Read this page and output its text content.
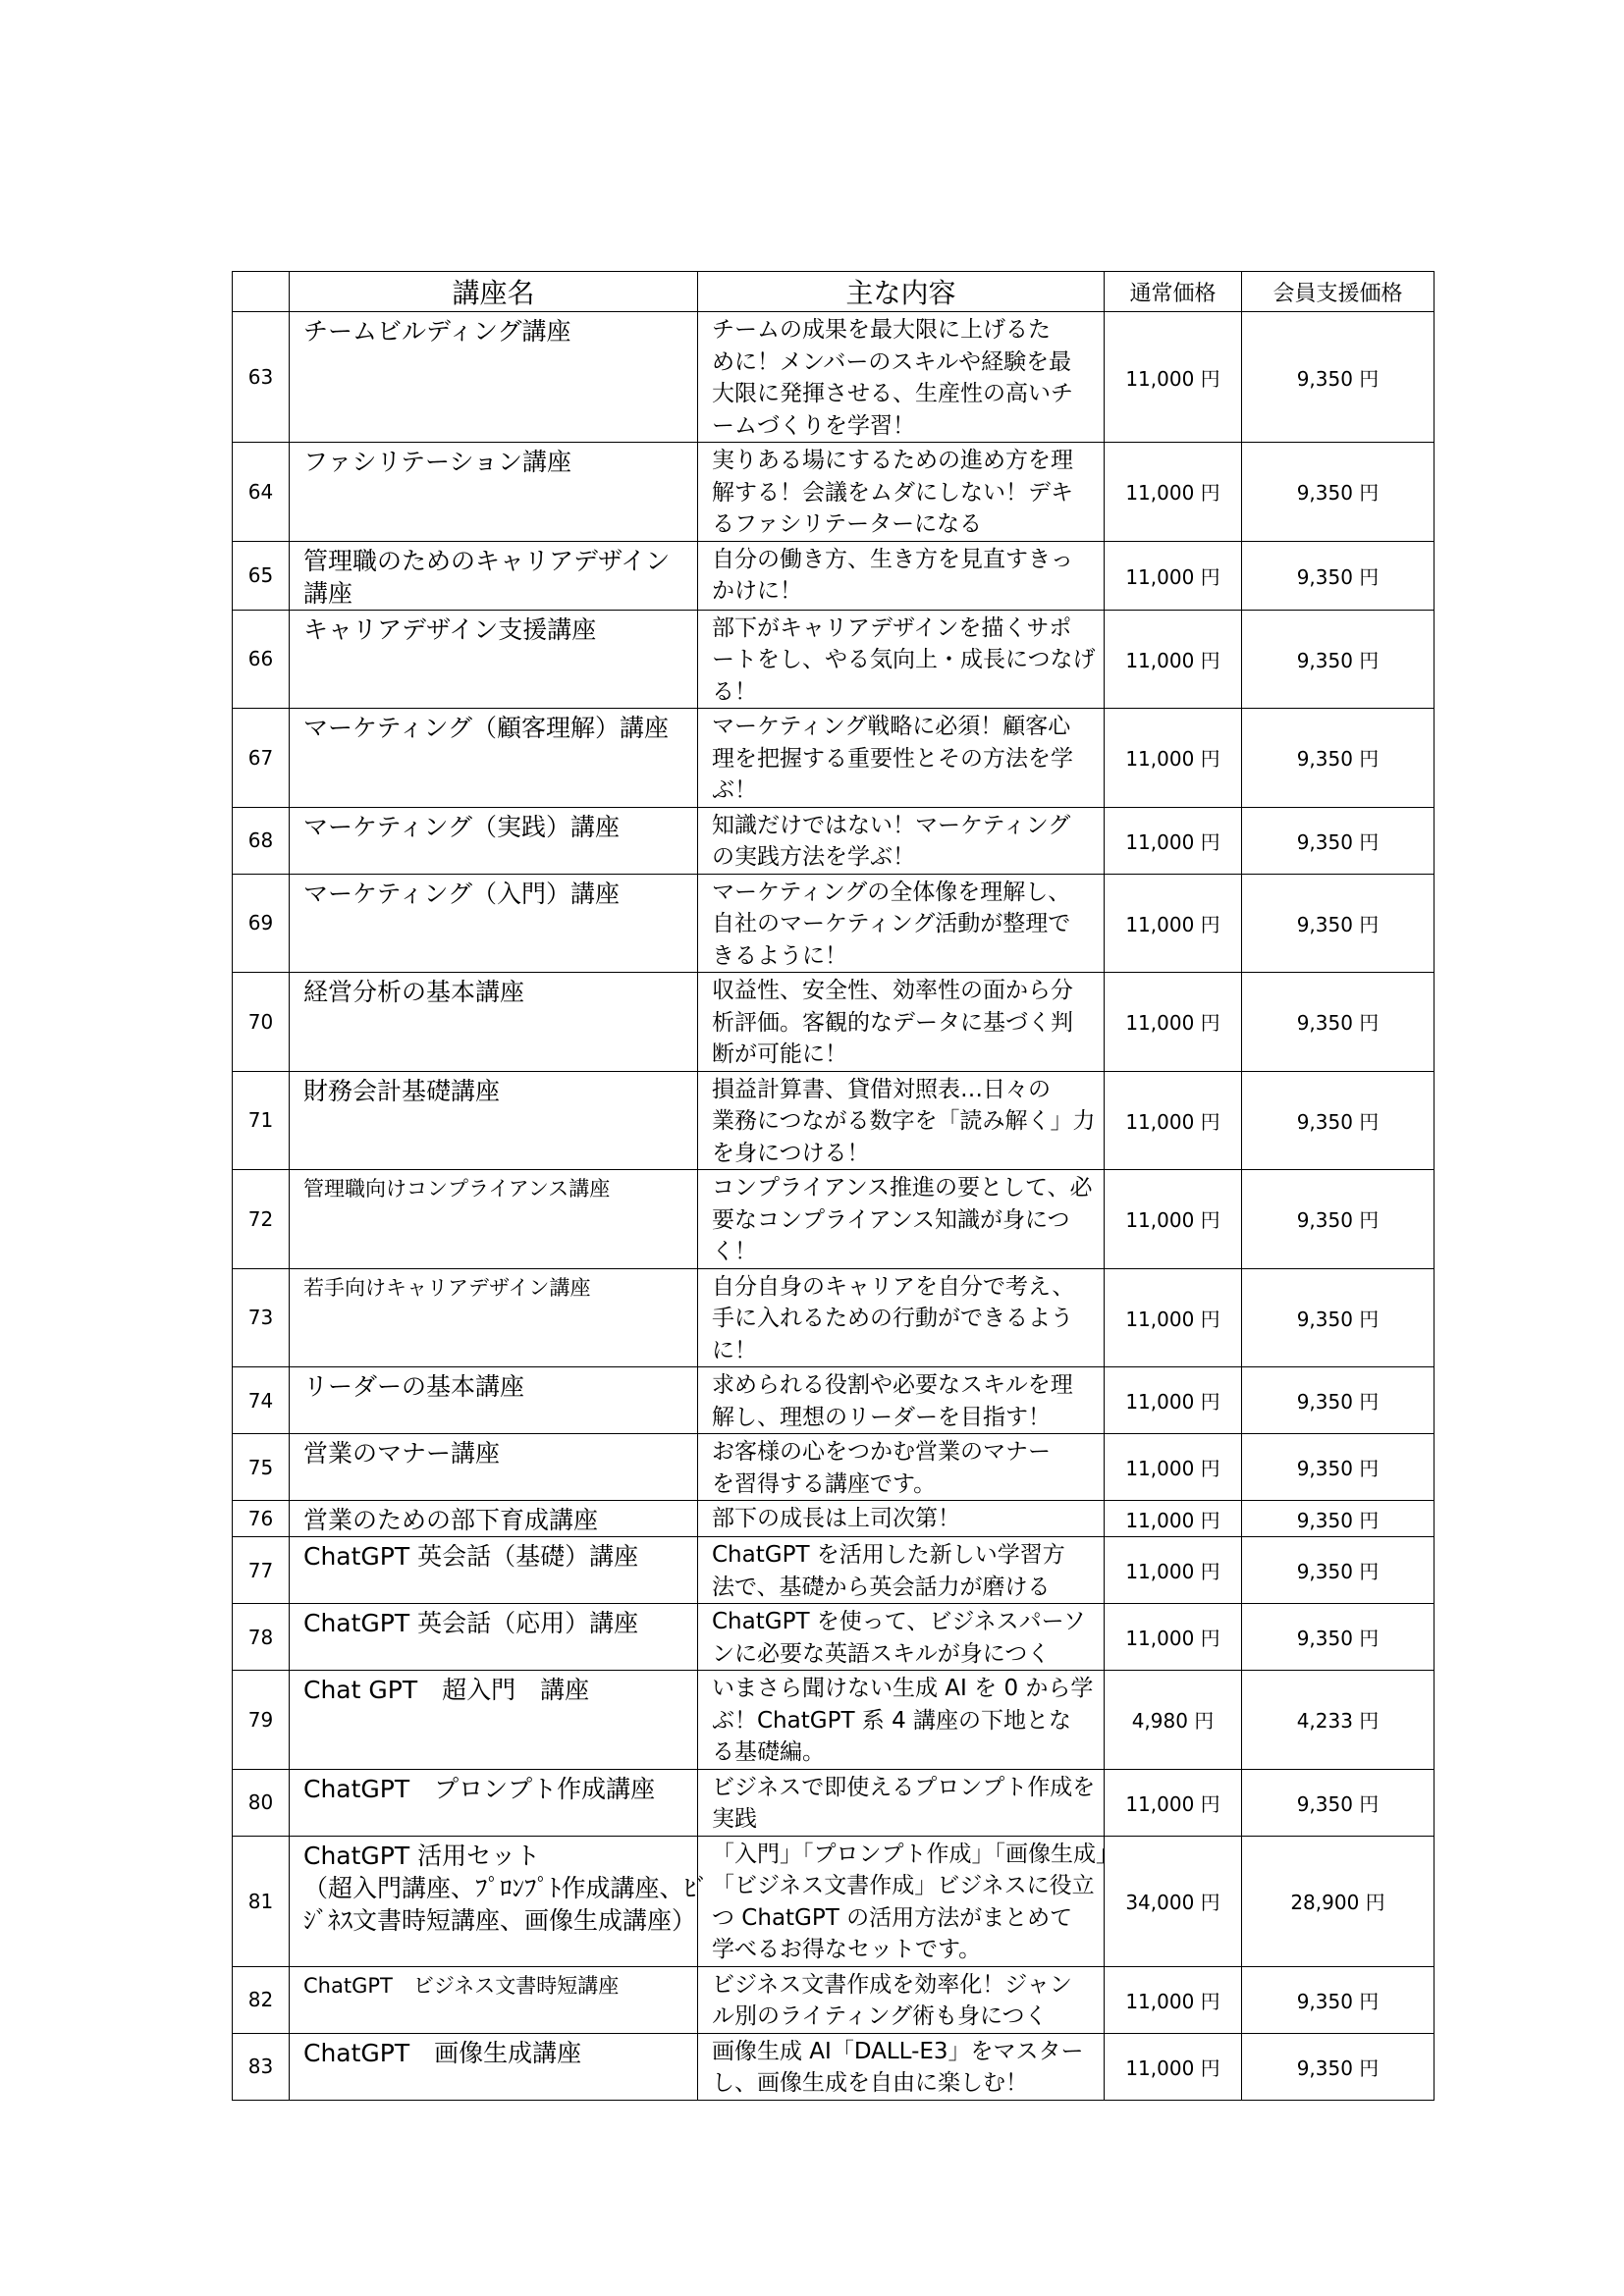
	講座名	主な内容	通常価格	会員支援価格
63	チームビルディング講座	チームの成果を最大限に上げるた
めに！メンバーのスキルや経験を最
大限に発揮させる、生産性の高いチ
ームづくりを学習！	11,000 円	9,350 円
64	ファシリテーション講座	実りある場にするための進め方を理
解する！会議をムダにしない！デキ
るファシリテーターになる	11,000 円	9,350 円
65	管理職のためのキャリアデザイン
講座	自分の働き方、生き方を見直すきっ
かけに！	11,000 円	9,350 円
66	キャリアデザイン支援講座	部下がキャリアデザインを描くサポ
ートをし、やる気向上・成長につなげ
る！	11,000 円	9,350 円
67	マーケティング（顧客理解）講座	マーケティング戦略に必須！顧客心
理を把握する重要性とその方法を学
ぶ！	11,000 円	9,350 円
68	マーケティング（実践）講座	知識だけではない！マーケティング
の実践方法を学ぶ！	11,000 円	9,350 円
69	マーケティング（入門）講座	マーケティングの全体像を理解し、
自社のマーケティング活動が整理で
きるように！	11,000 円	9,350 円
70	経営分析の基本講座	収益性、安全性、効率性の面から分
析評価。客観的なデータに基づく判
断が可能に！	11,000 円	9,350 円
71	財務会計基礎講座	損益計算書、貸借対照表…日々の
業務につながる数字を「読み解く」力
を身につける！	11,000 円	9,350 円
72	管理職向けコンプライアンス講座	コンプライアンス推進の要として、必
要なコンプライアンス知識が身につ
く！	11,000 円	9,350 円
73	若手向けキャリアデザイン講座	自分自身のキャリアを自分で考え、
手に入れるための行動ができるよう
に！	11,000 円	9,350 円
74	リーダーの基本講座	求められる役割や必要なスキルを理
解し、理想のリーダーを目指す！	11,000 円	9,350 円
75	営業のマナー講座	お客様の心をつかむ営業のマナー
を習得する講座です。	11,000 円	9,350 円
76	営業のための部下育成講座	部下の成長は上司次第！	11,000 円	9,350 円
77	ChatGPT 英会話（基礎）講座	ChatGPT を活用した新しい学習方
法で、基礎から英会話力が磨ける	11,000 円	9,350 円
78	ChatGPT 英会話（応用）講座	ChatGPT を使って、ビジネスパーソ
ンに必要な英語スキルが身につく	11,000 円	9,350 円
79	Chat GPT　超入門　講座	いまさら聞けない生成 AI を 0 から学
ぶ！ChatGPT 系 4 講座の下地とな
る基礎編。	4,980 円	4,233 円
80	ChatGPT　プロンプト作成講座	ビジネスで即使えるプロンプト作成を
実践	11,000 円	9,350 円
81	ChatGPT 活用セット
（超入門講座、ﾌﾟﾛﾝﾌﾟﾄ作成講座、ﾋﾞ
ｼﾞﾈｽ文書時短講座、画像生成講座）	「入門」「プロンプト作成」「画像生成」
「ビジネス文書作成」ビジネスに役立
つ ChatGPT の活用方法がまとめて
学べるお得なセットです。	34,000 円	28,900 円
82	ChatGPT　ビジネス文書時短講座	ビジネス文書作成を効率化！ジャン
ル別のライティング術も身につく	11,000 円	9,350 円
83	ChatGPT　画像生成講座	画像生成 AI「DALL-E3」をマスター
し、画像生成を自由に楽しむ！	11,000 円	9,350 円
